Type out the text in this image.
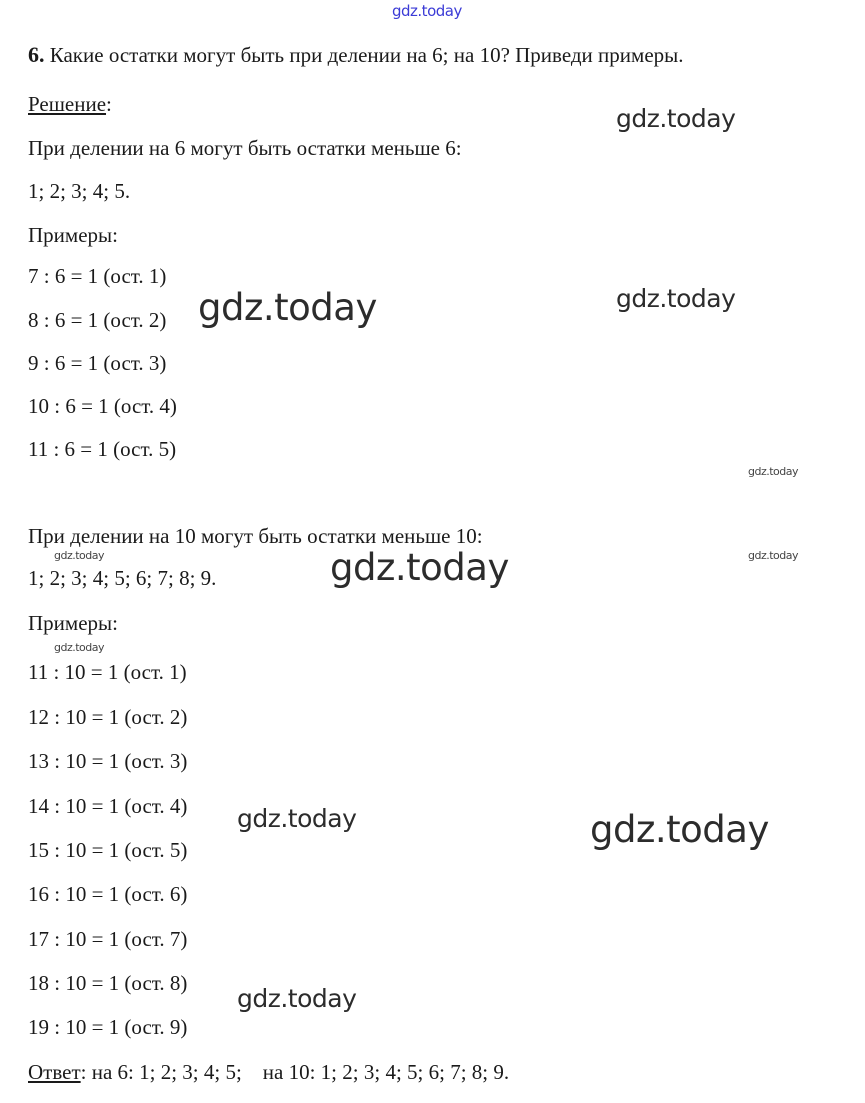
gdz.today
6. Какие остатки могут быть при делении на 6; на 10? Приведи примеры.
Решение:
При делении на 6 могут быть остатки меньше 6:
1; 2; 3; 4; 5.
Примеры:
7 : 6 = 1 (ост. 1)
8 : 6 = 1 (ост. 2)
9 : 6 = 1 (ост. 3)
10 : 6 = 1 (ост. 4)
11 : 6 = 1 (ост. 5)
При делении на 10 могут быть остатки меньше 10:
1; 2; 3; 4; 5; 6; 7; 8; 9.
Примеры:
11 : 10 = 1 (ост. 1)
12 : 10 = 1 (ост. 2)
13 : 10 = 1 (ост. 3)
14 : 10 = 1 (ост. 4)
15 : 10 = 1 (ост. 5)
16 : 10 = 1 (ост. 6)
17 : 10 = 1 (ост. 7)
18 : 10 = 1 (ост. 8)
19 : 10 = 1 (ост. 9)
Ответ: на 6: 1; 2; 3; 4; 5;    на 10: 1; 2; 3; 4; 5; 6; 7; 8; 9.
gdz.today
gdz.today
gdz.today
gdz.today
gdz.today	gdz.today
gdz.today
gdz.today
gdz.today	gdz.today
gdz.today
